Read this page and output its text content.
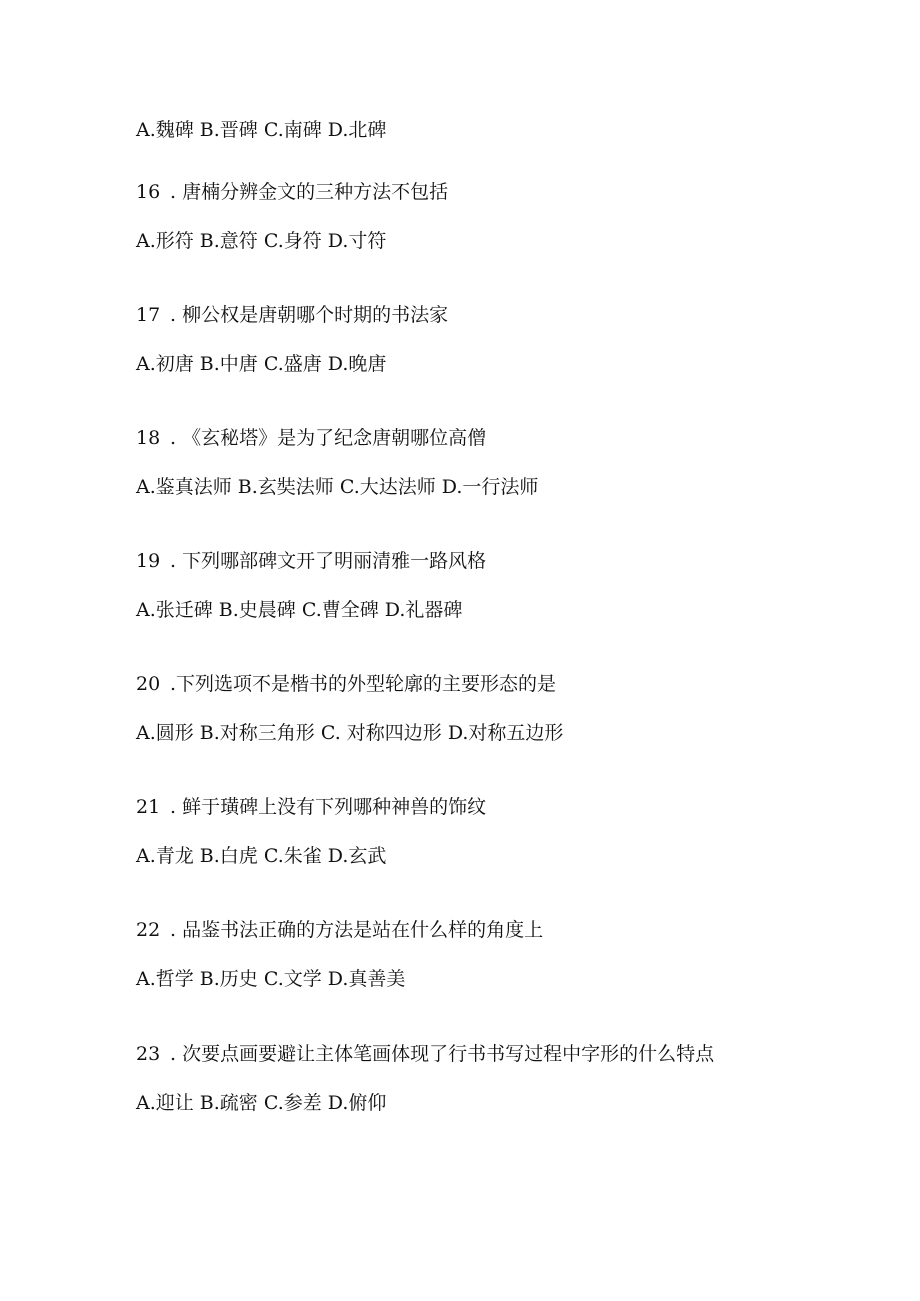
A.魏碑 B.晋碑 C.南碑 D.北碑

16 . 唐楠分辨金文的三种方法不包括

A.形符 B.意符 C.身符 D.寸符

17 . 柳公权是唐朝哪个时期的书法家

A.初唐 B.中唐 C.盛唐 D.晚唐

18 . 《玄秘塔》是为了纪念唐朝哪位高僧

A.鉴真法师 B.玄奘法师 C.大达法师 D.一行法师

19 . 下列哪部碑文开了明丽清雅一路风格

A.张迁碑 B.史晨碑 C.曹全碑 D.礼器碑

20 .下列选项不是楷书的外型轮廓的主要形态的是

A.圆形 B.对称三角形 C. 对称四边形 D.对称五边形

21 . 鲜于璜碑上没有下列哪种神兽的饰纹

A.青龙 B.白虎 C.朱雀 D.玄武

22 . 品鉴书法正确的方法是站在什么样的角度上

A.哲学 B.历史 C.文学 D.真善美

23 . 次要点画要避让主体笔画体现了行书书写过程中字形的什么特点

A.迎让 B.疏密 C.参差 D.俯仰
